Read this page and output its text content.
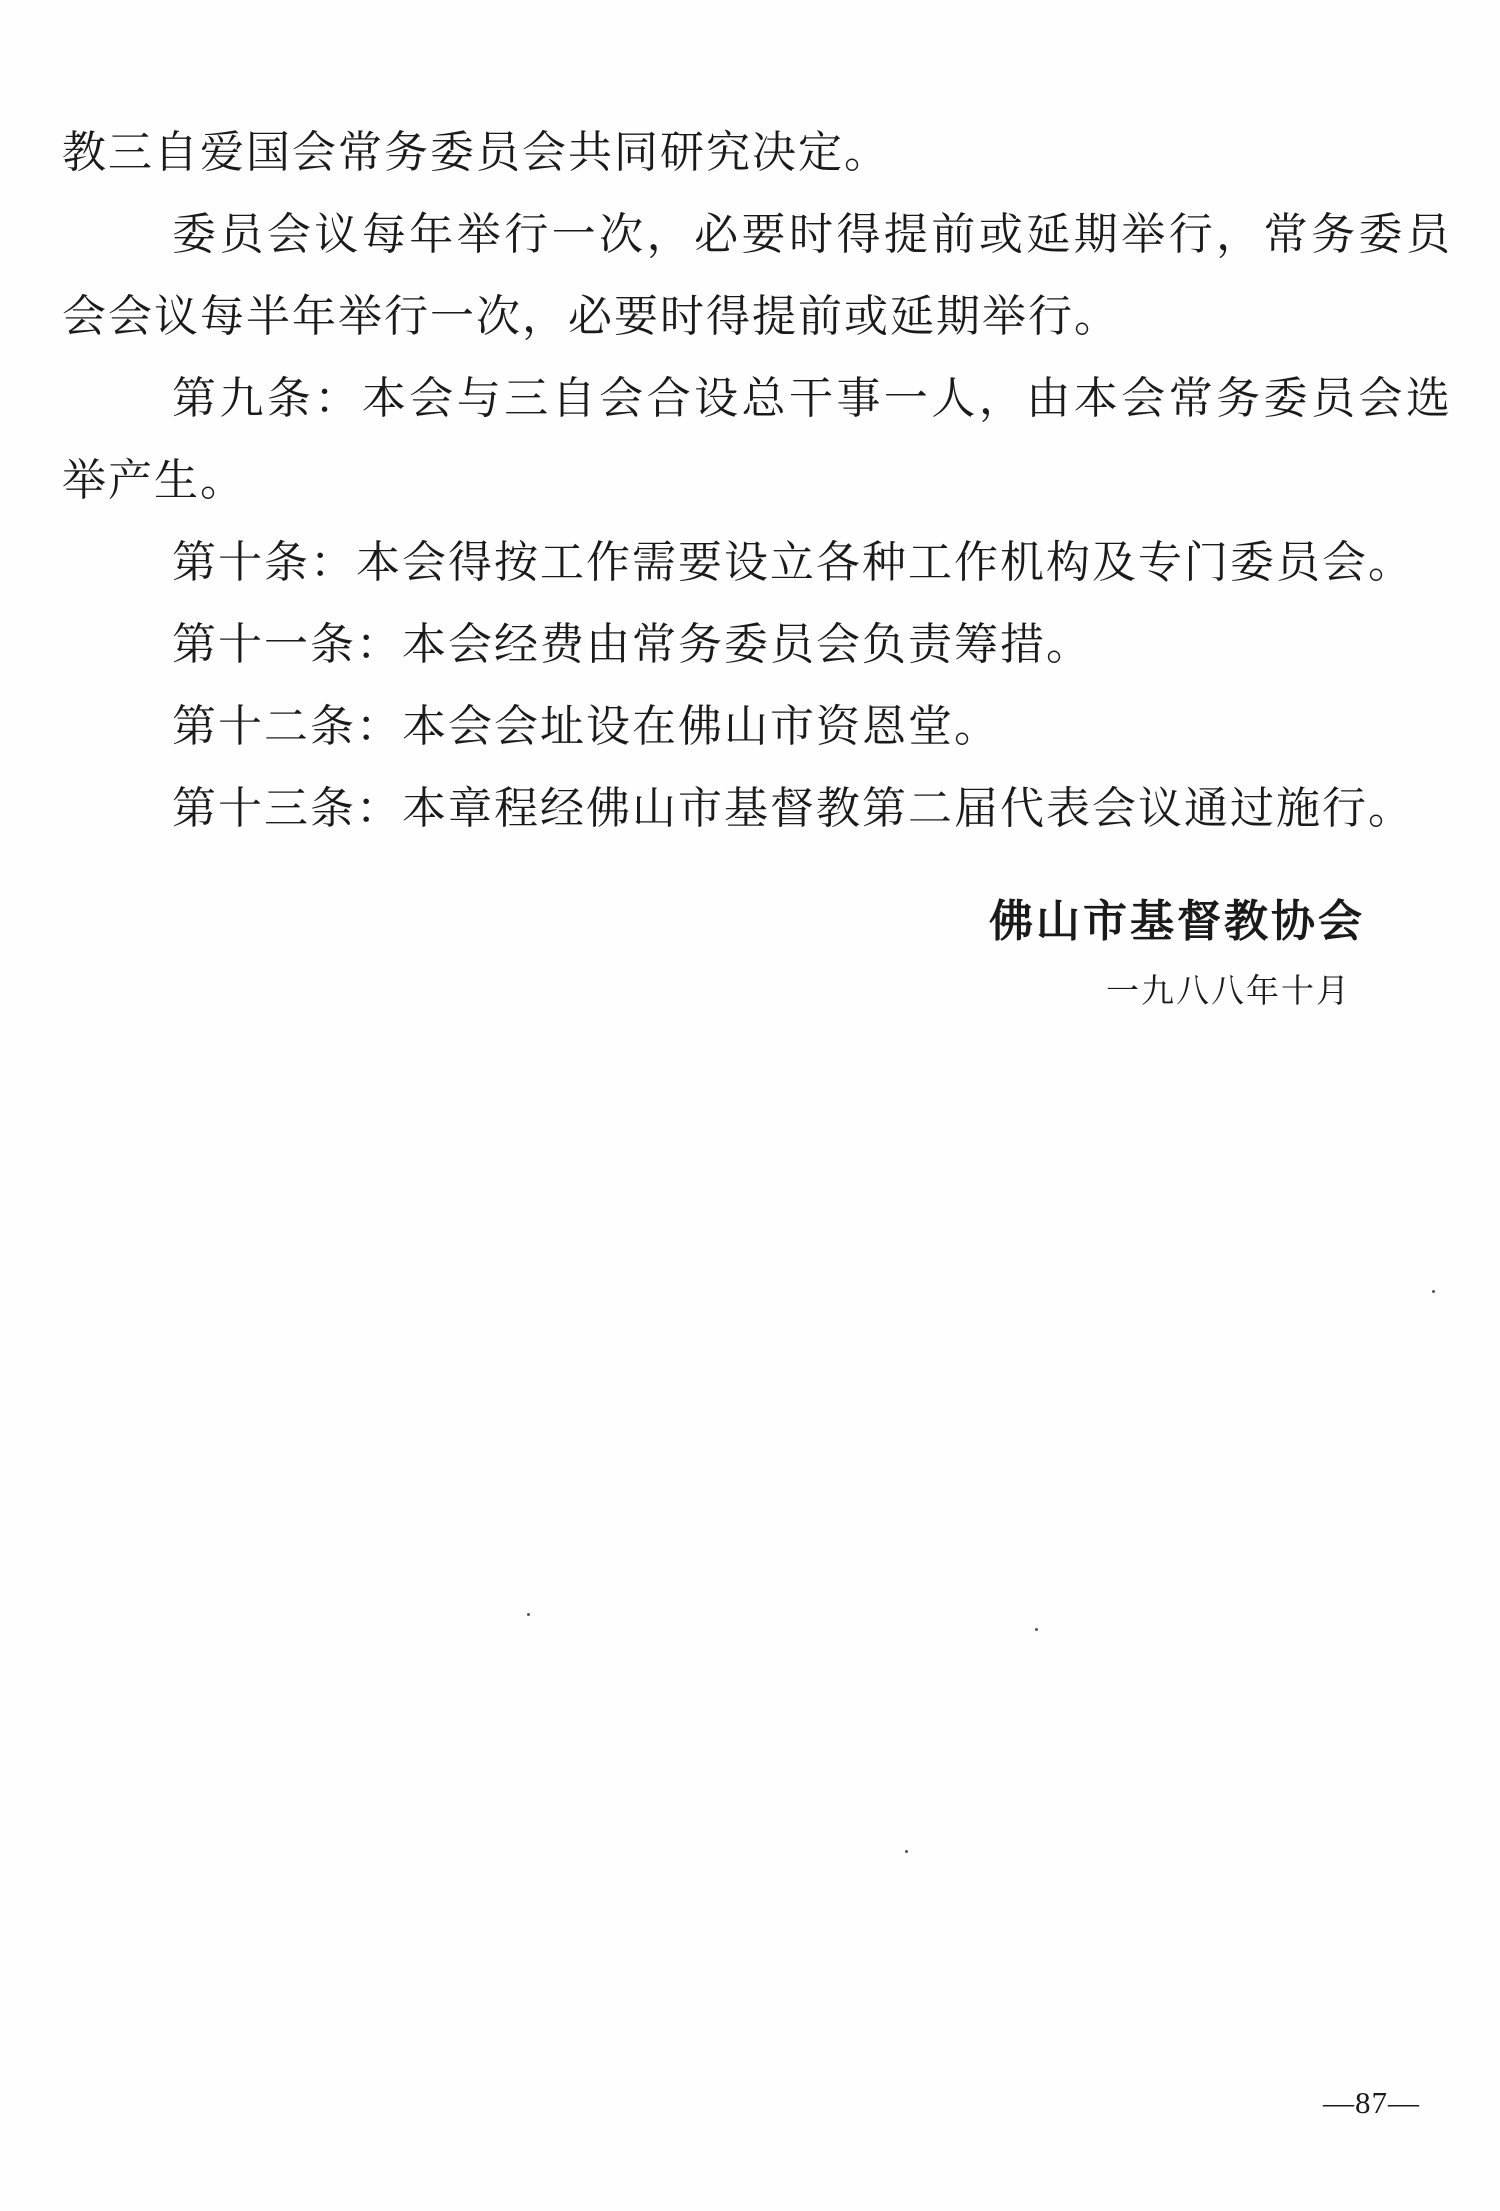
教三自爱国会常务委员会共同研究决定。
委员会议每年举行一次，必要时得提前或延期举行，常务委员
会会议每半年举行一次，必要时得提前或延期举行。
第九条：本会与三自会合设总干事一人，由本会常务委员会选
举产生。
第十条：本会得按工作需要设立各种工作机构及专门委员会。
第十一条：本会经费由常务委员会负责筹措。
第十二条：本会会址设在佛山市资恩堂。
第十三条：本章程经佛山市基督教第二届代表会议通过施行。
佛山市基督教协会
一九八八年十月
—87—
